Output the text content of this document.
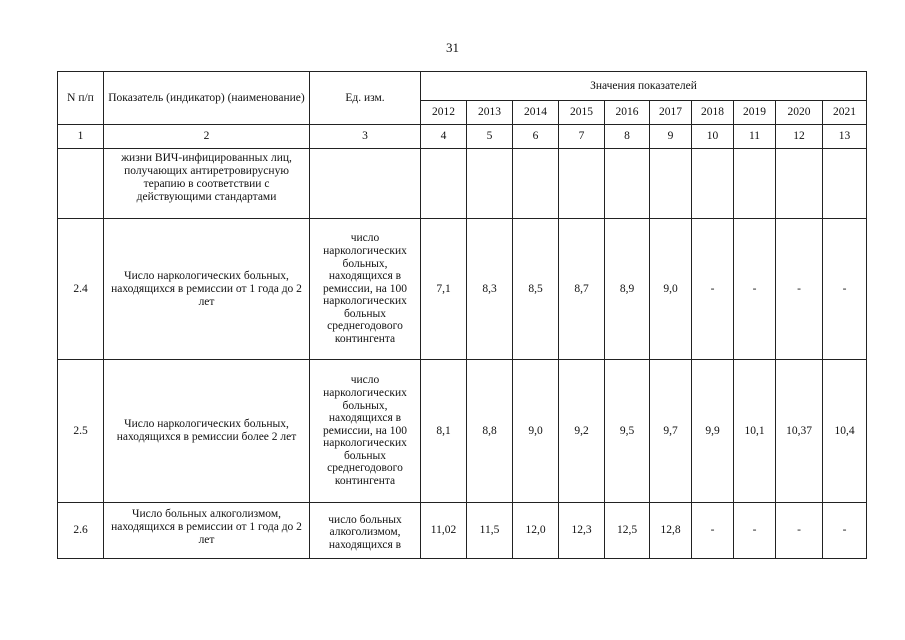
31
N п/п	Показатель (индикатор) (наименование)	Ед. изм.	Значения показателей									
			2012	2013	2014	2015	2016	2017	2018	2019	2020	2021
1	2	3	4	5	6	7	8	9	10	11	12	13
	жизни ВИЧ-инфицированных лиц, получающих антиретровирусную терапию в соответствии с действующими стандартами											
2.4	Число наркологических больных, находящихся в ремиссии от 1 года до 2 лет	число наркологических больных, находящихся в ремиссии, на 100 наркологических больных среднегодового контингента	7,1	8,3	8,5	8,7	8,9	9,0	-	-	-	-
2.5	Число наркологических больных, находящихся в ремиссии более 2 лет	число наркологических больных, находящихся в ремиссии, на 100 наркологических больных среднегодового контингента	8,1	8,8	9,0	9,2	9,5	9,7	9,9	10,1	10,37	10,4
2.6	Число больных алкоголизмом, находящихся в ремиссии от 1 года до 2 лет	число больных алкоголизмом, находящихся в	11,02	11,5	12,0	12,3	12,5	12,8	-	-	-	-
